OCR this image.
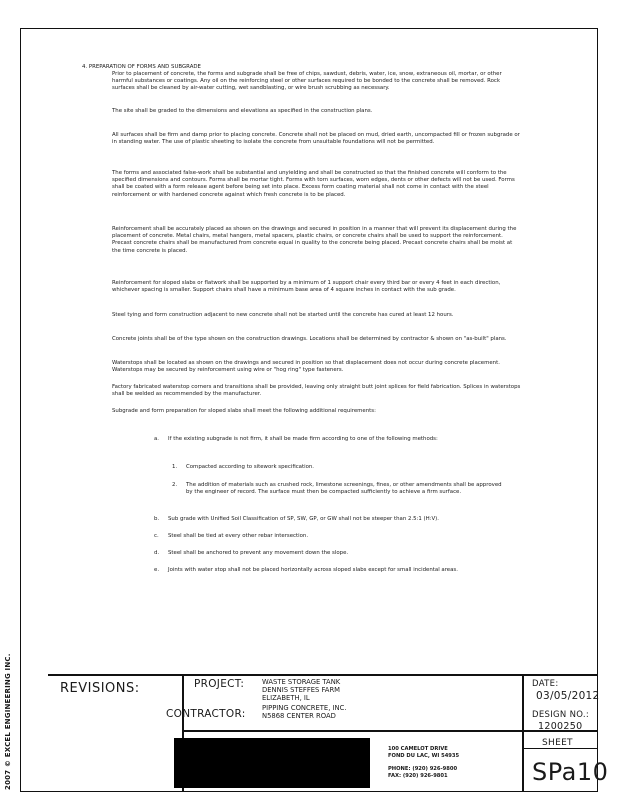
2007 © EXCEL ENGINEERING INC.
4. PREPARATION OF FORMS AND SUBGRADE
Prior to placement of concrete, the forms and subgrade shall be free of chips, sawdust, debris, water, ice, snow, extraneous oil, mortar, or other harmful substances or coatings. Any oil on the reinforcing steel or other surfaces required to be bonded to the concrete shall be removed. Rock surfaces shall be cleaned by air-water cutting, wet sandblasting, or wire brush scrubbing as necessary.
The site shall be graded to the dimensions and elevations as specified in the construction plans.
All surfaces shall be firm and damp prior to placing concrete. Concrete shall not be placed on mud, dried earth, uncompacted fill or frozen subgrade or in standing water. The use of plastic sheeting to isolate the concrete from unsuitable foundations will not be permitted.
The forms and associated false-work shall be substantial and unyielding and shall be constructed so that the finished concrete will conform to the specified dimensions and contours. Forms shall be mortar tight. Forms with torn surfaces, worn edges, dents or other defects will not be used. Forms shall be coated with a form release agent before being set into place. Excess form coating material shall not come in contact with the steel reinforcement or with hardened concrete against which fresh concrete is to be placed.
Reinforcement shall be accurately placed as shown on the drawings and secured in position in a manner that will prevent its displacement during the placement of concrete. Metal chairs, metal hangers, metal spacers, plastic chairs, or concrete chairs shall be used to support the reinforcement. Precast concrete chairs shall be manufactured from concrete equal in quality to the concrete being placed. Precast concrete chairs shall be moist at the time concrete is placed.
Reinforcement for sloped slabs or flatwork shall be supported by a minimum of 1 support chair every third bar or every 4 feet in each direction, whichever spacing is smaller. Support chairs shall have a minimum base area of 4 square inches in contact with the sub grade.
Steel tying and form construction adjacent to new concrete shall not be started until the concrete has cured at least 12 hours.
Concrete joints shall be of the type shown on the construction drawings. Locations shall be determined by contractor & shown on "as-built" plans.
Waterstops shall be located as shown on the drawings and secured in position so that displacement does not occur during concrete placement. Waterstops may be secured by reinforcement using wire or "hog ring" type fasteners.
Factory fabricated waterstop corners and transitions shall be provided, leaving only straight butt joint splices for field fabrication. Splices in waterstops shall be welded as recommended by the manufacturer.
Subgrade and form preparation for sloped slabs shall meet the following additional requirements:
a. If the existing subgrade is not firm, it shall be made firm according to one of the following methods:
1. Compacted according to sitework specification.
2. The addition of materials such as crushed rock, limestone screenings, fines, or other amendments shall be approved by the engineer of record. The surface must then be compacted sufficiently to achieve a firm surface.
b. Sub grade with Unified Soil Classification of SP, SW, GP, or GW shall not be steeper than 2.5:1 (H:V).
c. Steel shall be tied at every other rebar intersection.
d. Steel shall be anchored to prevent any movement down the slope.
e. Joints with water stop shall not be placed horizontally across sloped slabs except for small incidental areas.
REVISIONS:	PROJECT:	WASTE STORAGE TANK
DENNIS STEFFES FARM
ELIZABETH, IL
CONTRACTOR: PIPPING CONCRETE, INC.
N5868 CENTER ROAD
DATE:
03/05/2012
DESIGN NO.:
1200250
100 CAMELOT DRIVE
FOND DU LAC, WI 54935
PHONE: (920) 926-9800
FAX: (920) 926-9801
SHEET
SPa10
